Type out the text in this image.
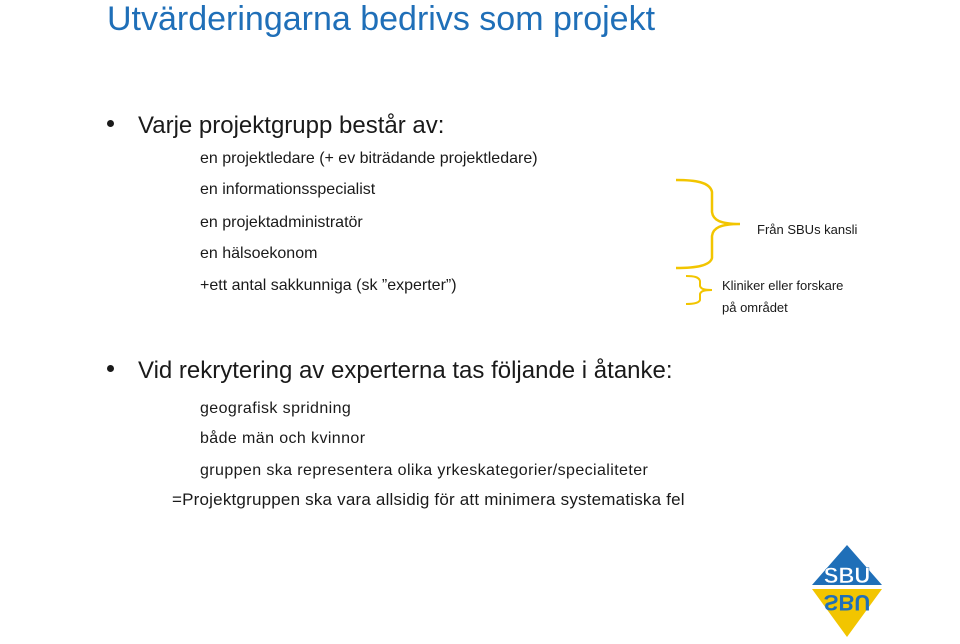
Utvärderingarna bedrivs som projekt
Varje projektgrupp består av:
en projektledare (+ ev biträdande projektledare)
en informationsspecialist
en projektadministratör
en hälsoekonom
+ett antal sakkunniga (sk ”experter”)
Från SBUs kansli
Kliniker eller forskare
på området
Vid rekrytering av experterna tas följande i åtanke:
geografisk spridning
både män och kvinnor
gruppen ska representera olika yrkeskategorier/specialiteter
=Projektgruppen ska vara allsidig för att minimera systematiska fel
SBU
SBU
